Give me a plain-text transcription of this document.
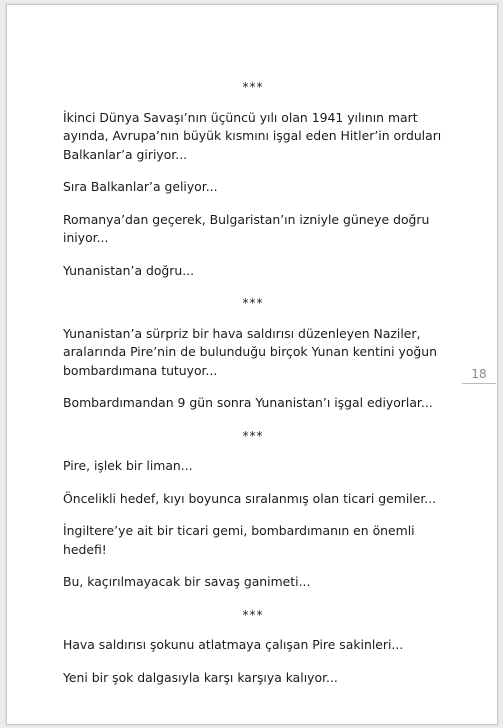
***

İkinci Dünya Savaşı’nın üçüncü yılı olan 1941 yılının mart ayında, Avrupa’nın büyük kısmını işgal eden Hitler’in orduları Balkanlar’a giriyor...

Sıra Balkanlar’a geliyor...

Romanya’dan geçerek, Bulgaristan’ın izniyle güneye doğru iniyor...

Yunanistan’a doğru...

***

Yunanistan’a sürpriz bir hava saldırısı düzenleyen Naziler, aralarında Pire’nin de bulunduğu birçok Yunan kentini yoğun bombardımana tutuyor...

Bombardımandan 9 gün sonra Yunanistan’ı işgal ediyorlar...

***

Pire, işlek bir liman...

Öncelikli hedef, kıyı boyunca sıralanmış olan ticari gemiler...

İngiltere’ye ait bir ticari gemi, bombardımanın en önemli hedefi!

Bu, kaçırılmayacak bir savaş ganimeti...

***

Hava saldırısı şokunu atlatmaya çalışan Pire sakinleri...

Yeni bir şok dalgasıyla karşı karşıya kalıyor...

18
